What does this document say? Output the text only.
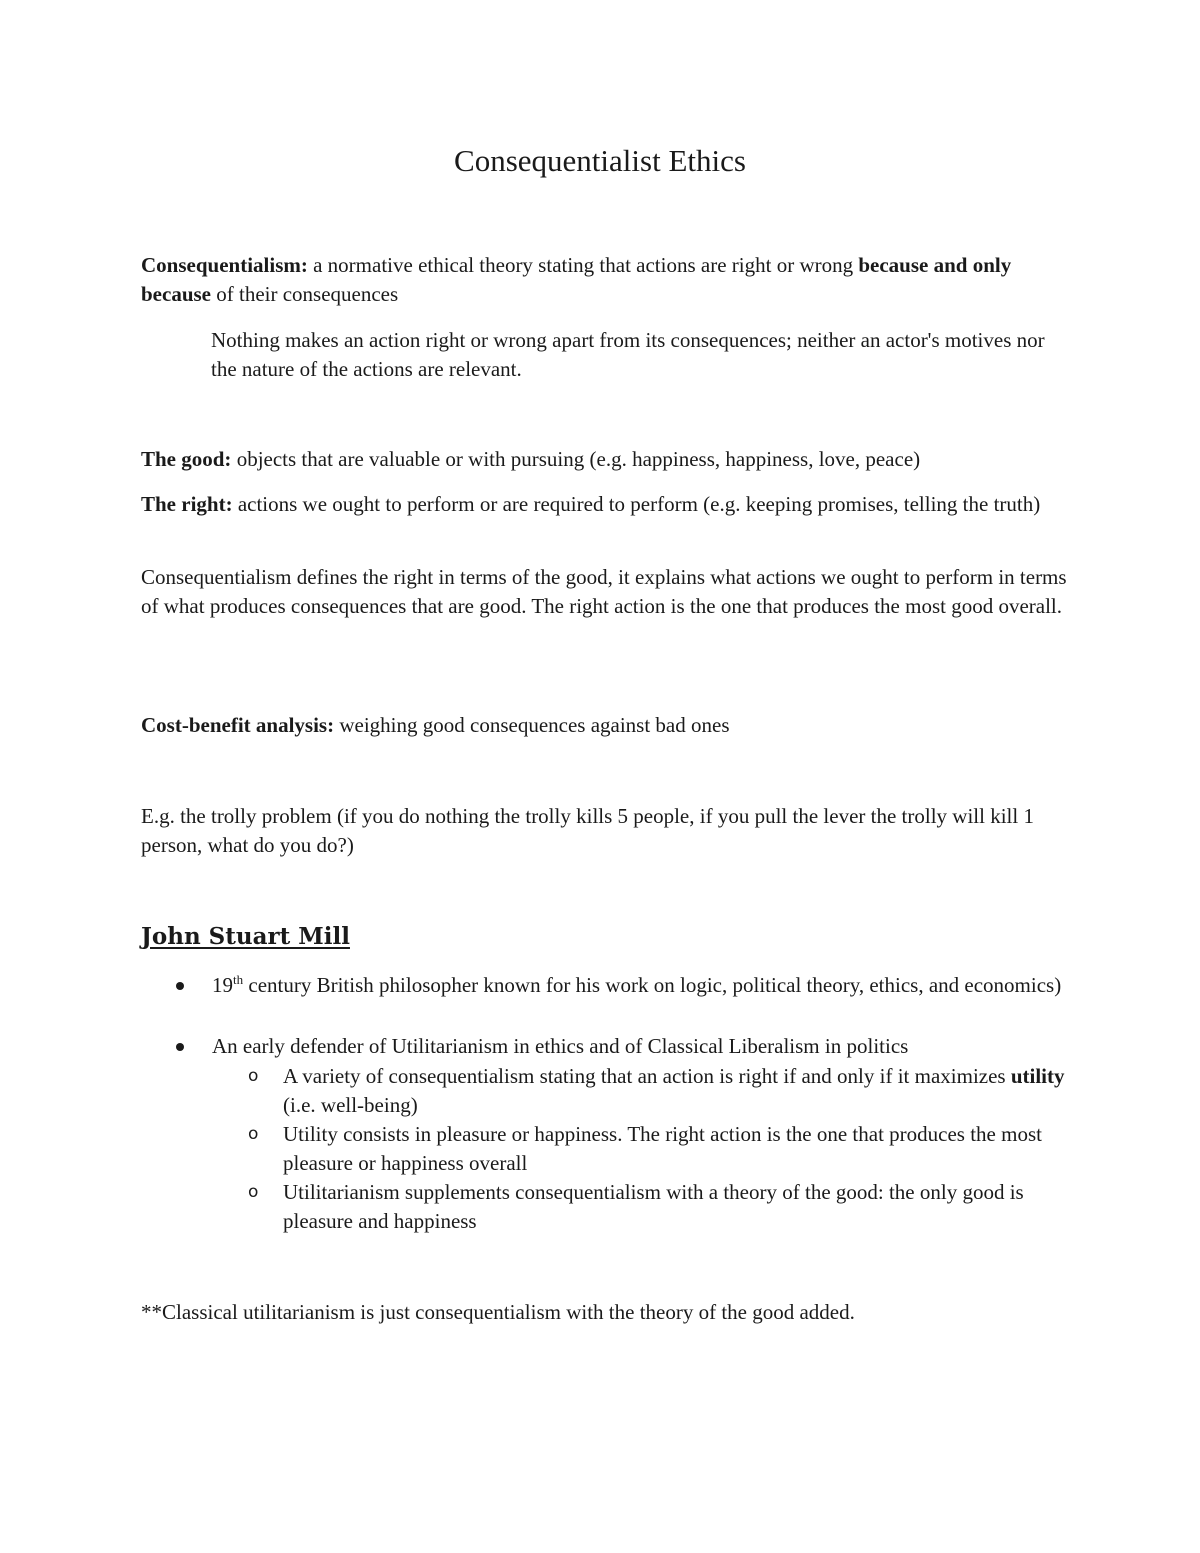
Consequentialist Ethics
Consequentialism: a normative ethical theory stating that actions are right or wrong because and only because of their consequences
Nothing makes an action right or wrong apart from its consequences; neither an actor's motives nor the nature of the actions are relevant.
The good: objects that are valuable or with pursuing (e.g. happiness, happiness, love, peace)
The right: actions we ought to perform or are required to perform (e.g. keeping promises, telling the truth)
Consequentialism defines the right in terms of the good, it explains what actions we ought to perform in terms of what produces consequences that are good. The right action is the one that produces the most good overall.
Cost-benefit analysis: weighing good consequences against bad ones
E.g. the trolly problem (if you do nothing the trolly kills 5 people, if you pull the lever the trolly will kill 1 person, what do you do?)
John Stuart Mill
19th century British philosopher known for his work on logic, political theory, ethics, and economics)
An early defender of Utilitarianism in ethics and of Classical Liberalism in politics
o A variety of consequentialism stating that an action is right if and only if it maximizes utility (i.e. well-being)
o Utility consists in pleasure or happiness. The right action is the one that produces the most pleasure or happiness overall
o Utilitarianism supplements consequentialism with a theory of the good: the only good is pleasure and happiness
**Classical utilitarianism is just consequentialism with the theory of the good added.
